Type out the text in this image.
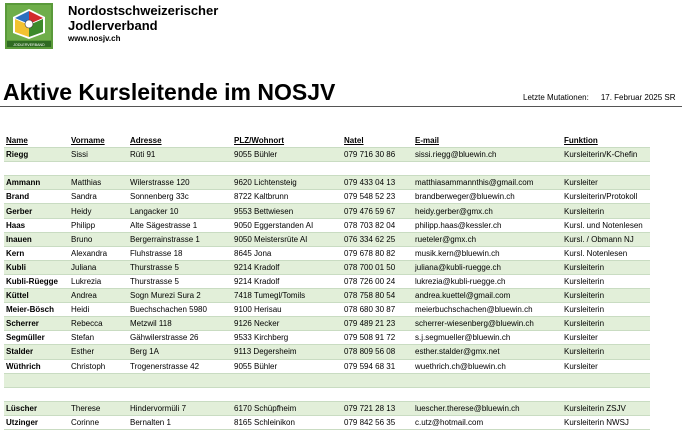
JODLERVERBAND
Nordostschweizerischer
Jodlerverband
www.nosjv.ch
Aktive Kursleitende im NOSJV	Letzte Mutationen: 17. Februar 2025 SR
Name	Vorname	Adresse	PLZ/Wohnort	Natel	E-mail	Funktion
Riegg	Sissi	Rüti 91	9055 Bühler	079 716 30 86	sissi.riegg@bluewin.ch	Kursleiterin/K-Chefin

Ammann	Matthias	Wilerstrasse 120	9620 Lichtensteig	079 433 04 13	matthiasammannthis@gmail.com	Kursleiter
Brand	Sandra	Sonnenberg 33c	8722 Kaltbrunn	079 548 52 23	brandberweger@bluewin.ch	Kursleiterin/Protokoll
Gerber	Heidy	Langacker 10	9553 Bettwiesen	079 476 59 67	heidy.gerber@gmx.ch	Kursleiterin
Haas	Philipp	Alte Sägestrasse 1	9050 Eggerstanden AI	078 703 82 04	philipp.haas@kessler.ch	Kursl. und Notenlesen
Inauen	Bruno	Bergerrainstrasse 1	9050 Meistersrüte AI	076 334 62 25	rueteler@gmx.ch	Kursl. / Obmann NJ
Kern	Alexandra	Fluhstrasse 18	8645 Jona	079 678 80 82	musik.kern@bluewin.ch	Kursl. Notenlesen
Kubli	Juliana	Thurstrasse 5	9214 Kradolf	078 700 01 50	juliana@kubli-ruegge.ch	Kursleiterin
Kubli-Rüegge	Lukrezia	Thurstrasse 5	9214 Kradolf	078 726 00 24	lukrezia@kubli-ruegge.ch	Kursleiterin
Küttel	Andrea	Sogn Murezi Sura 2	7418 Tumegl/Tomils	078 758 80 54	andrea.kuettel@gmail.com	Kursleiterin
Meier-Bösch	Heidi	Buechschachen 5980	9100 Herisau	078 680 30 87	meierbuchschachen@bluewin.ch	Kursleiterin
Scherrer	Rebecca	Metzwil 118	9126 Necker	079 489 21 23	scherrer-wiesenberg@bluewin.ch	Kursleiterin
Segmüller	Stefan	Gähwilerstrasse 26	9533 Kirchberg	079 508 91 72	s.j.segmueller@bluewin.ch	Kursleiter
Stalder	Esther	Berg 1A	9113 Degersheim	078 809 56 08	esther.stalder@gmx.net	Kursleiterin
Wüthrich	Christoph	Trogenerstrasse 42	9055 Bühler	079 594 68 31	wuethrich.ch@bluewin.ch	Kursleiter

Lüscher	Therese	Hindervormüli 7	6170 Schüpfheim	079 721 28 13	luescher.therese@bluewin.ch	Kursleiterin ZSJV
Utzinger	Corinne	Bernalten 1	8165 Schleinikon	079 842 56 35	c.utz@hotmail.com	Kursleiterin NWSJ
